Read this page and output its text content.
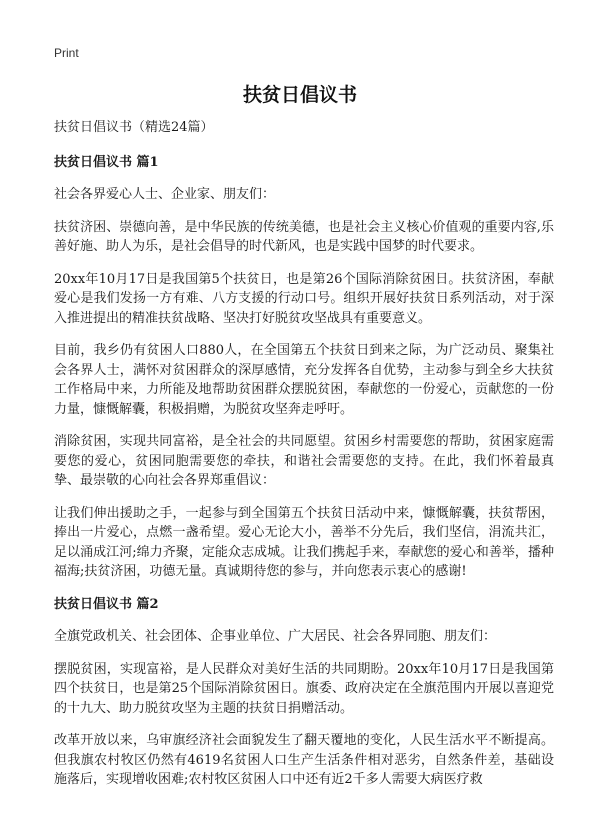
Print
扶贫日倡议书

扶贫日倡议书（精选24篇）

扶贫日倡议书 篇1

社会各界爱心人士、企业家、朋友们：

扶贫济困、崇德向善，是中华民族的传统美德，也是社会主义核心价值观的重要内容,乐善好施、助人为乐，是社会倡导的时代新风，也是实践中国梦的时代要求。

20xx年10月17日是我国第5个扶贫日，也是第26个国际消除贫困日。扶贫济困，奉献爱心是我们发扬一方有难、八方支援的行动口号。组织开展好扶贫日系列活动，对于深入推进提出的精准扶贫战略、坚决打好脱贫攻坚战具有重要意义。

目前，我乡仍有贫困人口880人，在全国第五个扶贫日到来之际，为广泛动员、聚集社会各界人士，满怀对贫困群众的深厚感情，充分发挥各自优势，主动参与到全乡大扶贫工作格局中来，力所能及地帮助贫困群众摆脱贫困，奉献您的一份爱心，贡献您的一份力量，慷慨解囊，积极捐赠，为脱贫攻坚奔走呼吁。

消除贫困，实现共同富裕，是全社会的共同愿望。贫困乡村需要您的帮助，贫困家庭需要您的爱心，贫困同胞需要您的牵扶，和谐社会需要您的支持。在此，我们怀着最真挚、最崇敬的心向社会各界郑重倡议：

让我们伸出援助之手，一起参与到全国第五个扶贫日活动中来，慷慨解囊，扶贫帮困，捧出一片爱心，点燃一盏希望。爱心无论大小，善举不分先后，我们坚信，涓流共汇，足以涌成江河;绵力齐聚，定能众志成城。让我们携起手来，奉献您的爱心和善举，播种福海;扶贫济困，功德无量。真诚期待您的参与，并向您表示衷心的感谢!

扶贫日倡议书 篇2

全旗党政机关、社会团体、企事业单位、广大居民、社会各界同胞、朋友们：

摆脱贫困，实现富裕，是人民群众对美好生活的共同期盼。20xx年10月17日是我国第四个扶贫日，也是第25个国际消除贫困日。旗委、政府决定在全旗范围内开展以喜迎党的十九大、助力脱贫攻坚为主题的扶贫日捐赠活动。

改革开放以来，乌审旗经济社会面貌发生了翻天覆地的变化，人民生活水平不断提高。但我旗农村牧区仍然有4619名贫困人口生产生活条件相对恶劣，自然条件差，基础设施落后，实现增收困难;农村牧区贫困人口中还有近2千多人需要大病医疗救
